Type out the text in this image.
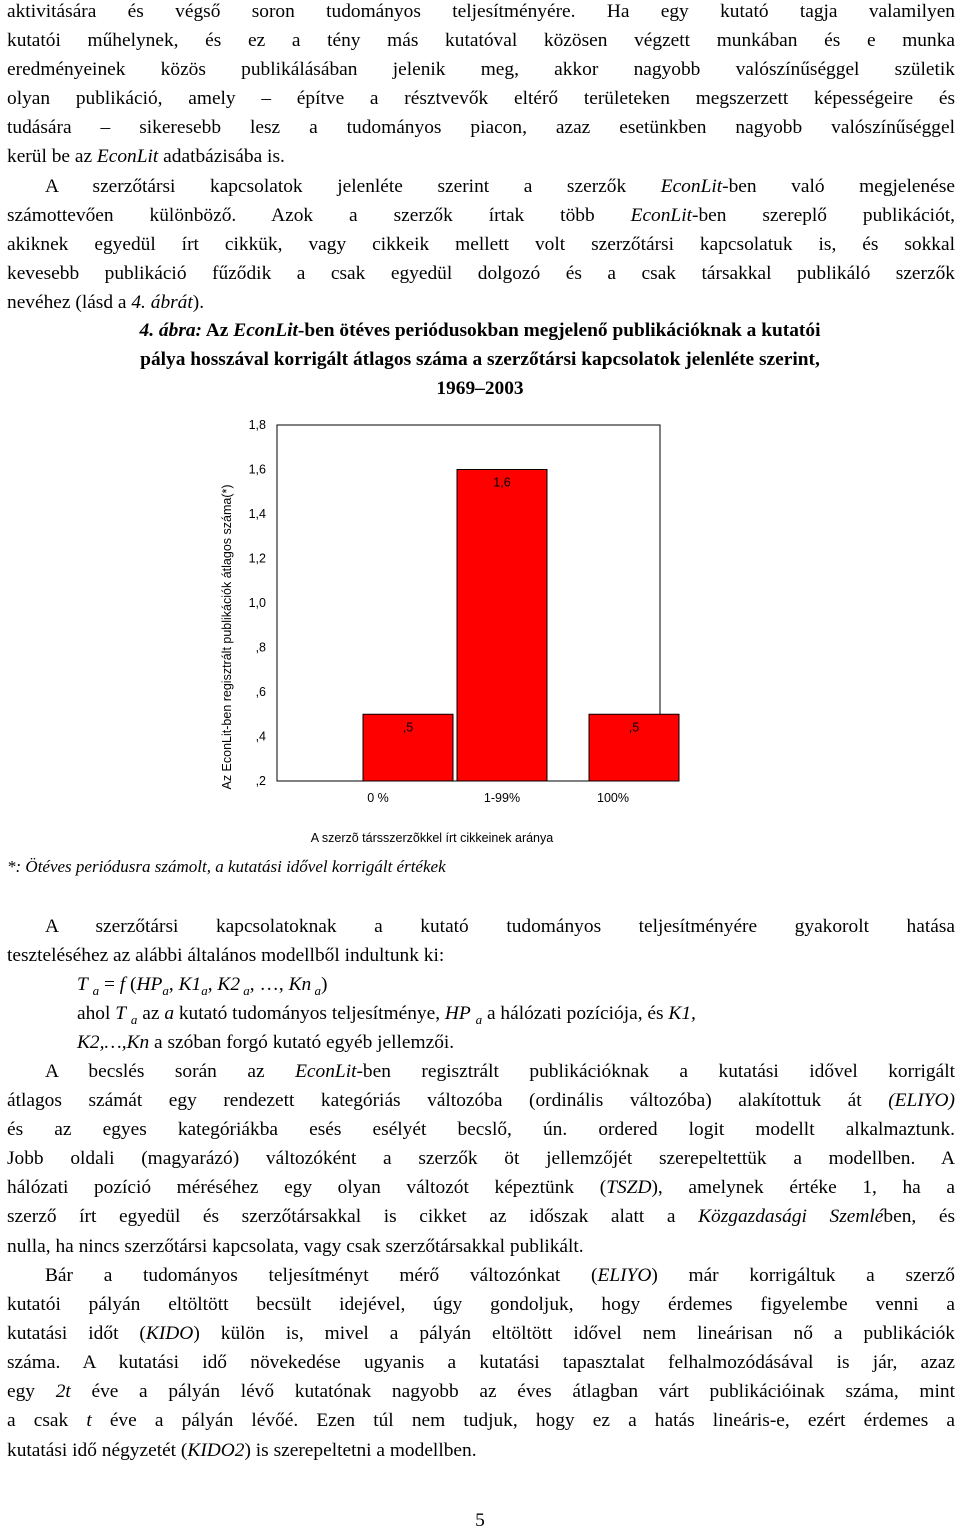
aktivitására és végső soron tudományos teljesítményére. Ha egy kutató tagja valamilyen
kutatói műhelynek, és ez a tény más kutatóval közösen végzett munkában és e munka
eredményeinek közös publikálásában jelenik meg, akkor nagyobb valószínűséggel születik
olyan publikáció, amely – építve a résztvevők eltérő területeken megszerzett képességeire és
tudására – sikeresebb lesz a tudományos piacon, azaz esetünkben nagyobb valószínűséggel
kerül be az EconLit adatbázisába is.
A szerzőtársi kapcsolatok jelenléte szerint a szerzők EconLit-ben való megjelenése
számottevően különböző. Azok a szerzők írtak több EconLit-ben szereplő publikációt,
akiknek egyedül írt cikkük, vagy cikkeik mellett volt szerzőtársi kapcsolatuk is, és sokkal
kevesebb publikáció fűződik a csak egyedül dolgozó és a csak társakkal publikáló szerzők
nevéhez (lásd a 4. ábrát).

4. ábra: Az EconLit-ben ötéves periódusokban megjelenő publikációknak a kutatói
pálya hosszával korrigált átlagos száma a szerzőtársi kapcsolatok jelenléte szerint,
1969–2003

,2
,4
,6
,8
1,0
1,2
1,4
1,6
1,8
,5
0 %
1,6
1-99%
,5
100%
A szerzõ társszerzõkkel írt cikkeinek aránya
Az EconLit-ben regisztrált publikációk átlagos száma(*)

*: Ötéves periódusra számolt, a kutatási idővel korrigált értékek

A szerzőtársi kapcsolatoknak a kutató tudományos teljesítményére gyakorolt hatása
teszteléséhez az alábbi általános modellből indultunk ki:

T $_a$ = f ($HP_a$, $K1_a$, K2 $_a$, …, Kn $_a$)

ahol T $_a$ az a kutató tudományos teljesítménye, HP $_a$ a hálózati pozíciója, és K1,

K2,…,Kn a szóban forgó kutató egyéb jellemzői.

A becslés során az EconLit-ben regisztrált publikációknak a kutatási idővel korrigált
átlagos számát egy rendezett kategóriás változóba (ordinális változóba) alakítottuk át (ELIYO)
és az egyes kategóriákba esés esélyét becslő, ún. ordered logit modellt alkalmaztunk.
Jobb oldali (magyarázó) változóként a szerzők öt jellemzőjét szerepeltettük a modellben. A
hálózati pozíció méréséhez egy olyan változót képeztünk (TSZD), amelynek értéke 1, ha a
szerző írt egyedül és szerzőtársakkal is cikket az időszak alatt a Közgazdasági Szemlében, és
nulla, ha nincs szerzőtársi kapcsolata, vagy csak szerzőtársakkal publikált.
Bár a tudományos teljesítményt mérő változónkat (ELIYO) már korrigáltuk a szerző
kutatói pályán eltöltött becsült idejével, úgy gondoljuk, hogy érdemes figyelembe venni a
kutatási időt (KIDO) külön is, mivel a pályán eltöltött idővel nem lineárisan nő a publikációk
száma. A kutatási idő növekedése ugyanis a kutatási tapasztalat felhalmozódásával is jár, azaz
egy 2t éve a pályán lévő kutatónak nagyobb az éves átlagban várt publikációinak száma, mint
a csak t éve a pályán lévőé. Ezen túl nem tudjuk, hogy ez a hatás lineáris-e, ezért érdemes a
kutatási idő négyzetét (KIDO2) is szerepeltetni a modellben.

5
